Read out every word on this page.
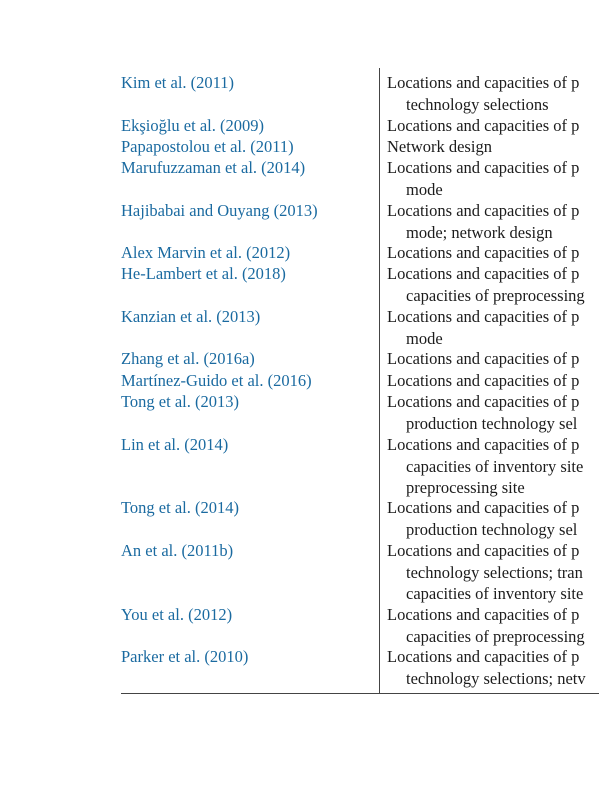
Kim et al. (2011)	Locations and capacities of p
technology selections
Ekşioğlu et al. (2009)	Locations and capacities of p
Papapostolou et al. (2011)	Network design
Marufuzzaman et al. (2014)	Locations and capacities of p
mode
Hajibabai and Ouyang (2013)	Locations and capacities of p
mode; network design
Alex Marvin et al. (2012)	Locations and capacities of p
He-Lambert et al. (2018)	Locations and capacities of p
capacities of preprocessing
Kanzian et al. (2013)	Locations and capacities of p
mode
Zhang et al. (2016a)	Locations and capacities of p
Martínez-Guido et al. (2016)	Locations and capacities of p
Tong et al. (2013)	Locations and capacities of p
production technology sel
Lin et al. (2014)	Locations and capacities of p
capacities of inventory site
preprocessing site
Tong et al. (2014)	Locations and capacities of p
production technology sel
An et al. (2011b)	Locations and capacities of p
technology selections; tran
capacities of inventory site
You et al. (2012)	Locations and capacities of p
capacities of preprocessing
Parker et al. (2010)	Locations and capacities of p
technology selections; netv
